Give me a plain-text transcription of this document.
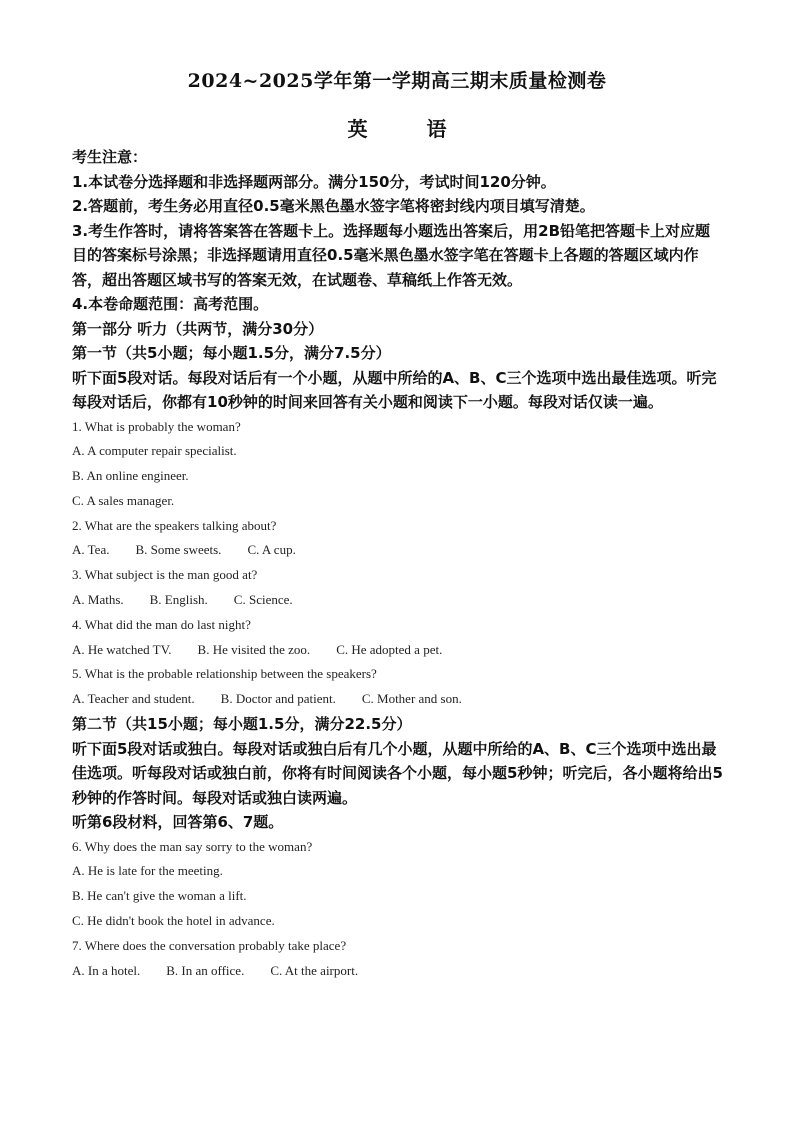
2024~2025学年第一学期高三期末质量检测卷
英 语

考生注意：

1.本试卷分选择题和非选择题两部分。满分150分，考试时间120分钟。

2.答题前，考生务必用直径0.5毫米黑色墨水签字笔将密封线内项目填写清楚。

3.考生作答时，请将答案答在答题卡上。选择题每小题选出答案后，用2B铅笔把答题卡上对应题目的答案标号涂黑；非选择题请用直径0.5毫米黑色墨水签字笔在答题卡上各题的答题区域内作答，超出答题区域书写的答案无效，在试题卷、草稿纸上作答无效。

4.本卷命题范围：高考范围。

第一部分 听力（共两节，满分30分）

第一节（共5小题；每小题1.5分，满分7.5分）

听下面5段对话。每段对话后有一个小题，从题中所给的A、B、C三个选项中选出最佳选项。听完每段对话后，你都有10秒钟的时间来回答有关小题和阅读下一小题。每段对话仅读一遍。

1. What is probably the woman?

A. A computer repair specialist.

B. An online engineer.

C. A sales manager.

2. What are the speakers talking about?

A. Tea. B. Some sweets. C. A cup.

3. What subject is the man good at?

A. Maths. B. English. C. Science.

4. What did the man do last night?

A. He watched TV. B. He visited the zoo. C. He adopted a pet.

5. What is the probable relationship between the speakers?

A. Teacher and student. B. Doctor and patient. C. Mother and son.

第二节（共15小题；每小题1.5分，满分22.5分）

听下面5段对话或独白。每段对话或独白后有几个小题，从题中所给的A、B、C三个选项中选出最佳选项。听每段对话或独白前，你将有时间阅读各个小题，每小题5秒钟；听完后，各小题将给出5秒钟的作答时间。每段对话或独白读两遍。

听第6段材料，回答第6、7题。

6. Why does the man say sorry to the woman?

A. He is late for the meeting.

B. He can't give the woman a lift.

C. He didn't book the hotel in advance.

7. Where does the conversation probably take place?

A. In a hotel. B. In an office. C. At the airport.
